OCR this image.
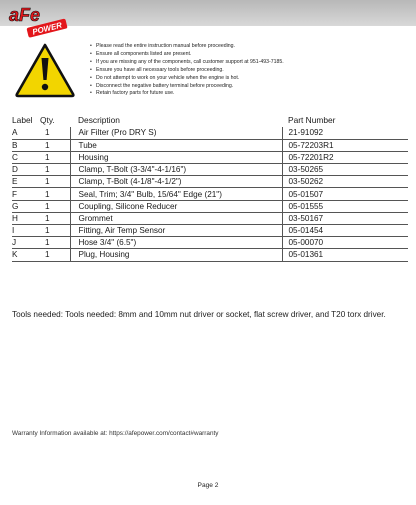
aFe
POWER
• Please read the entire instruction manual before proceeding.
• Ensure all components listed are present.
• If you are missing any of the components, call customer support at 951-493-7185.
• Ensure you have all necessary tools before proceeding.
• Do not attempt to work on your vehicle when the engine is hot.
• Disconnect the negative battery terminal before proceeding.
• Retain factory parts for future use.
Label	Qty.	Description	Part Number
A	1	Air Filter (Pro DRY S)	21-91092
B	1	Tube	05-72203R1
C	1	Housing	05-72201R2
D	1	Clamp, T-Bolt (3-3/4"-4-1/16")	03-50265
E	1	Clamp, T-Bolt (4-1/8"-4-1/2")	03-50262
F	1	Seal, Trim; 3/4" Bulb, 15/64" Edge (21")	05-01507
G	1	Coupling, Silicone Reducer	05-01555
H	1	Grommet	03-50167
I	1	Fitting, Air Temp Sensor	05-01454
J	1	Hose 3/4" (6.5")	05-00070
K	1	Plug, Housing	05-01361

Tools needed: Tools needed: 8mm and 10mm nut driver or socket, flat screw driver, and T20 torx driver.

Warranty Information available at: https://afepower.com/contact#warranty

Page 2
